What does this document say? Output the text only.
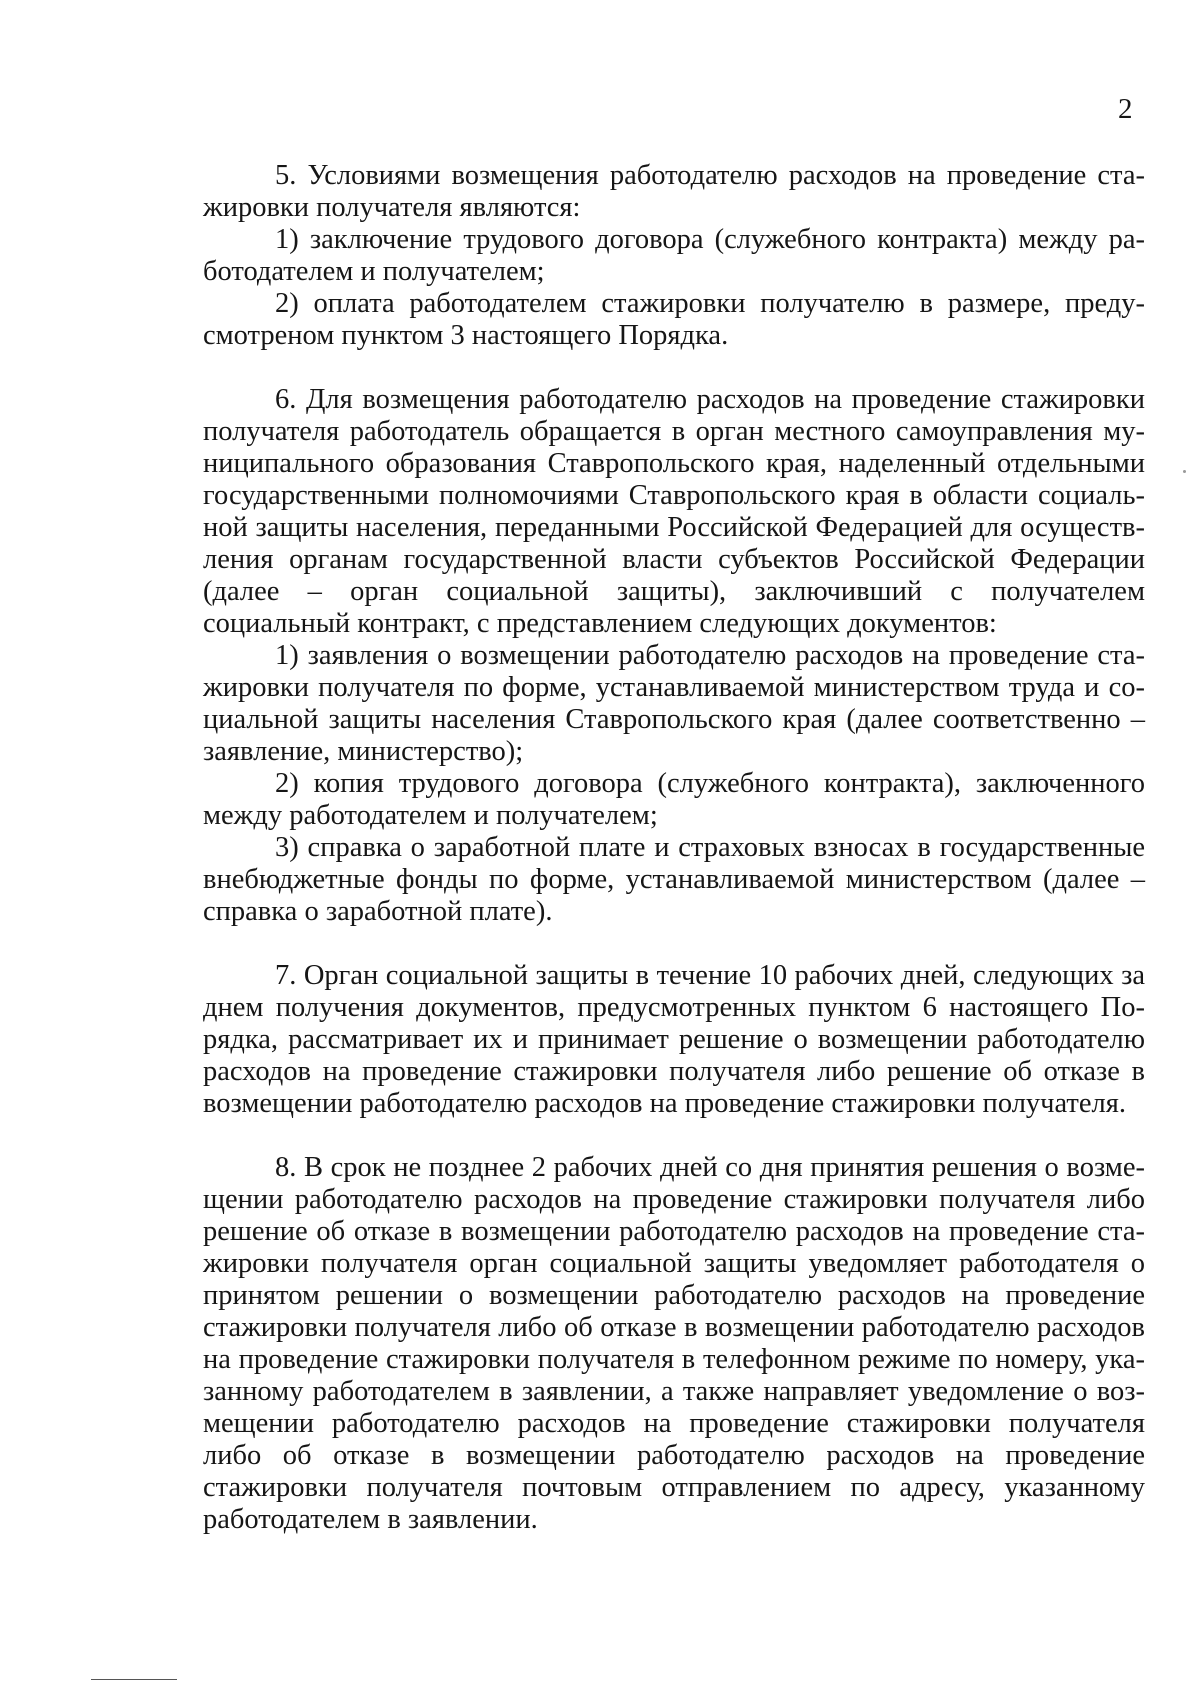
2

5. Условиями возмещения работодателю расходов на проведение стажировки получателя являются:

1) заключение трудового договора (служебного контракта) между работодателем и получателем;

2) оплата работодателем стажировки получателю в размере, предусмотреном пунктом 3 настоящего Порядка.

6. Для возмещения работодателю расходов на проведение стажировки получателя работодатель обращается в орган местного самоуправления муниципального образования Ставропольского края, наделенный отдельными государственными полномочиями Ставропольского края в области социальной защиты населения, переданными Российской Федерацией для осуществления органам государственной власти субъектов Российской Федерации (далее – орган социальной защиты), заключивший с получателем социальный контракт, с представлением следующих документов:

1) заявления о возмещении работодателю расходов на проведение стажировки получателя по форме, устанавливаемой министерством труда и социальной защиты населения Ставропольского края (далее соответственно – заявление, министерство);

2) копия трудового договора (служебного контракта), заключенного между работодателем и получателем;

3) справка о заработной плате и страховых взносах в государственные внебюджетные фонды по форме, устанавливаемой министерством (далее – справка о заработной плате).

7. Орган социальной защиты в течение 10 рабочих дней, следующих за днем получения документов, предусмотренных пунктом 6 настоящего Порядка, рассматривает их и принимает решение о возмещении работодателю расходов на проведение стажировки получателя либо решение об отказе в возмещении работодателю расходов на проведение стажировки получателя.

8. В срок не позднее 2 рабочих дней со дня принятия решения о возмещении работодателю расходов на проведение стажировки получателя либо решение об отказе в возмещении работодателю расходов на проведение стажировки получателя орган социальной защиты уведомляет работодателя о принятом решении о возмещении работодателю расходов на проведение стажировки получателя либо об отказе в возмещении работодателю расходов на проведение стажировки получателя в телефонном режиме по номеру, указанному работодателем в заявлении, а также направляет уведомление о возмещении работодателю расходов на проведение стажировки получателя либо об отказе в возмещении работодателю расходов на проведение стажировки получателя почтовым отправлением по адресу, указанному работодателем в заявлении.
